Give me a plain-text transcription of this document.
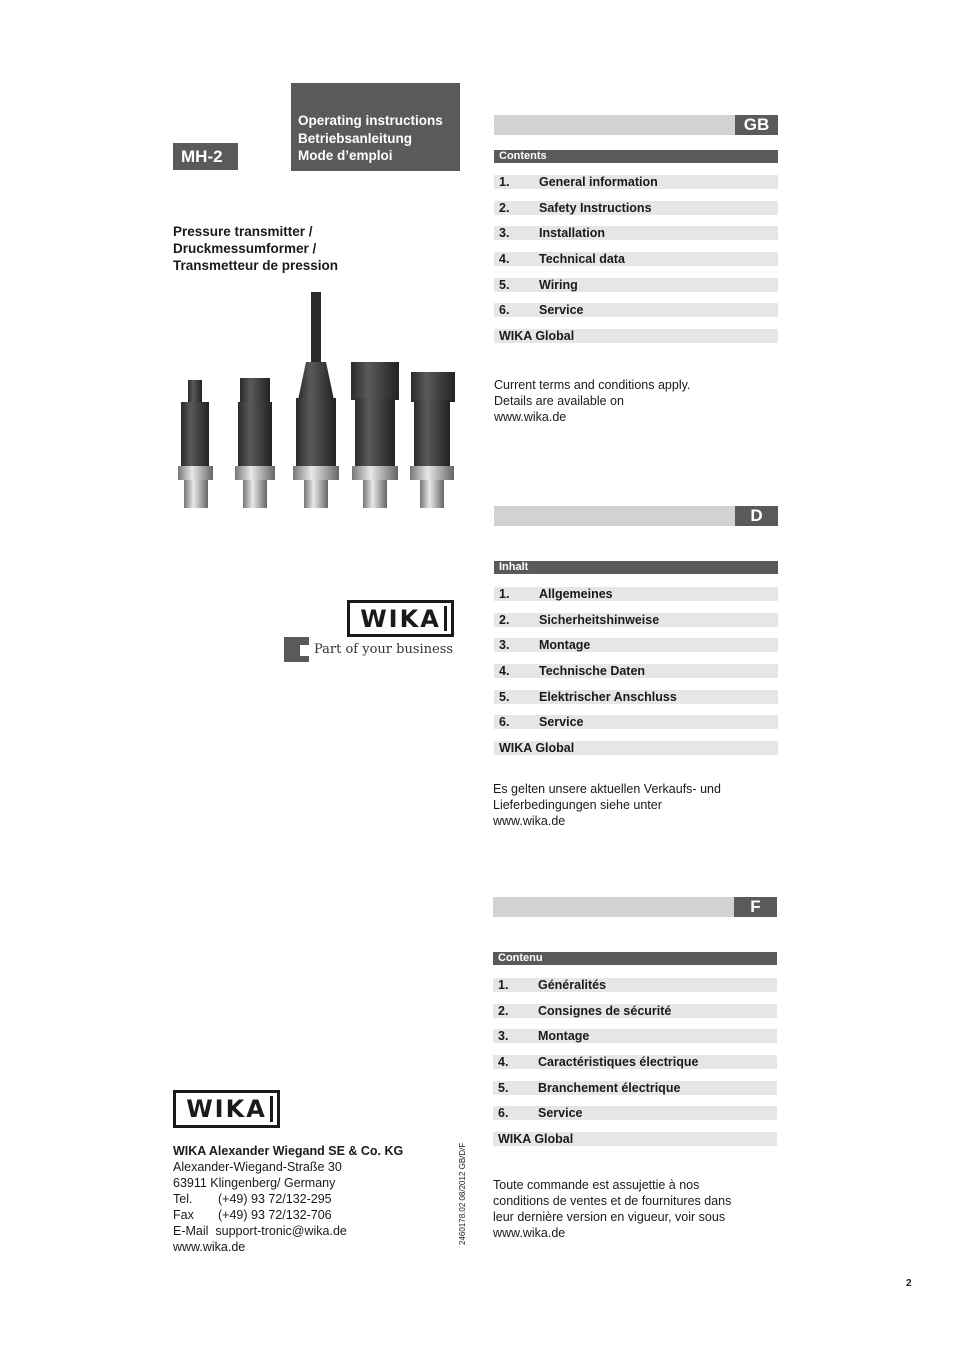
MH-2
Operating instructions
Betriebsanleitung
Mode d’emploi
Pressure transmitter /
Druckmessumformer /
Transmetteur de pression
WIKA
Part of your business
WIKA
WIKA Alexander Wiegand SE & Co. KG
Alexander-Wiegand-Straße 30
63911 Klingenberg/ Germany
Tel. (+49) 93 72/132-295
Fax (+49) 93 72/132-706
E-Mail support-tronic@wika.de
www.wika.de
2460178.02 08/2012 GB/D/F
GB
Contents
1. General information
2. Safety Instructions
3. Installation
4. Technical data
5. Wiring
6. Service
WIKA Global
Current terms and conditions apply.
Details are available on
www.wika.de
D
Inhalt
1. Allgemeines
2. Sicherheitshinweise
3. Montage
4. Technische Daten
5. Elektrischer Anschluss
6. Service
WIKA Global
Es gelten unsere aktuellen Verkaufs- und
Lieferbedingungen siehe unter
www.wika.de
F
Contenu
1. Généralités
2. Consignes de sécurité
3. Montage
4. Caractéristiques électrique
5. Branchement électrique
6. Service
WIKA Global
Toute commande est assujettie à nos
conditions de ventes et de fournitures dans
leur dernière version en vigueur, voir sous
www.wika.de
2
